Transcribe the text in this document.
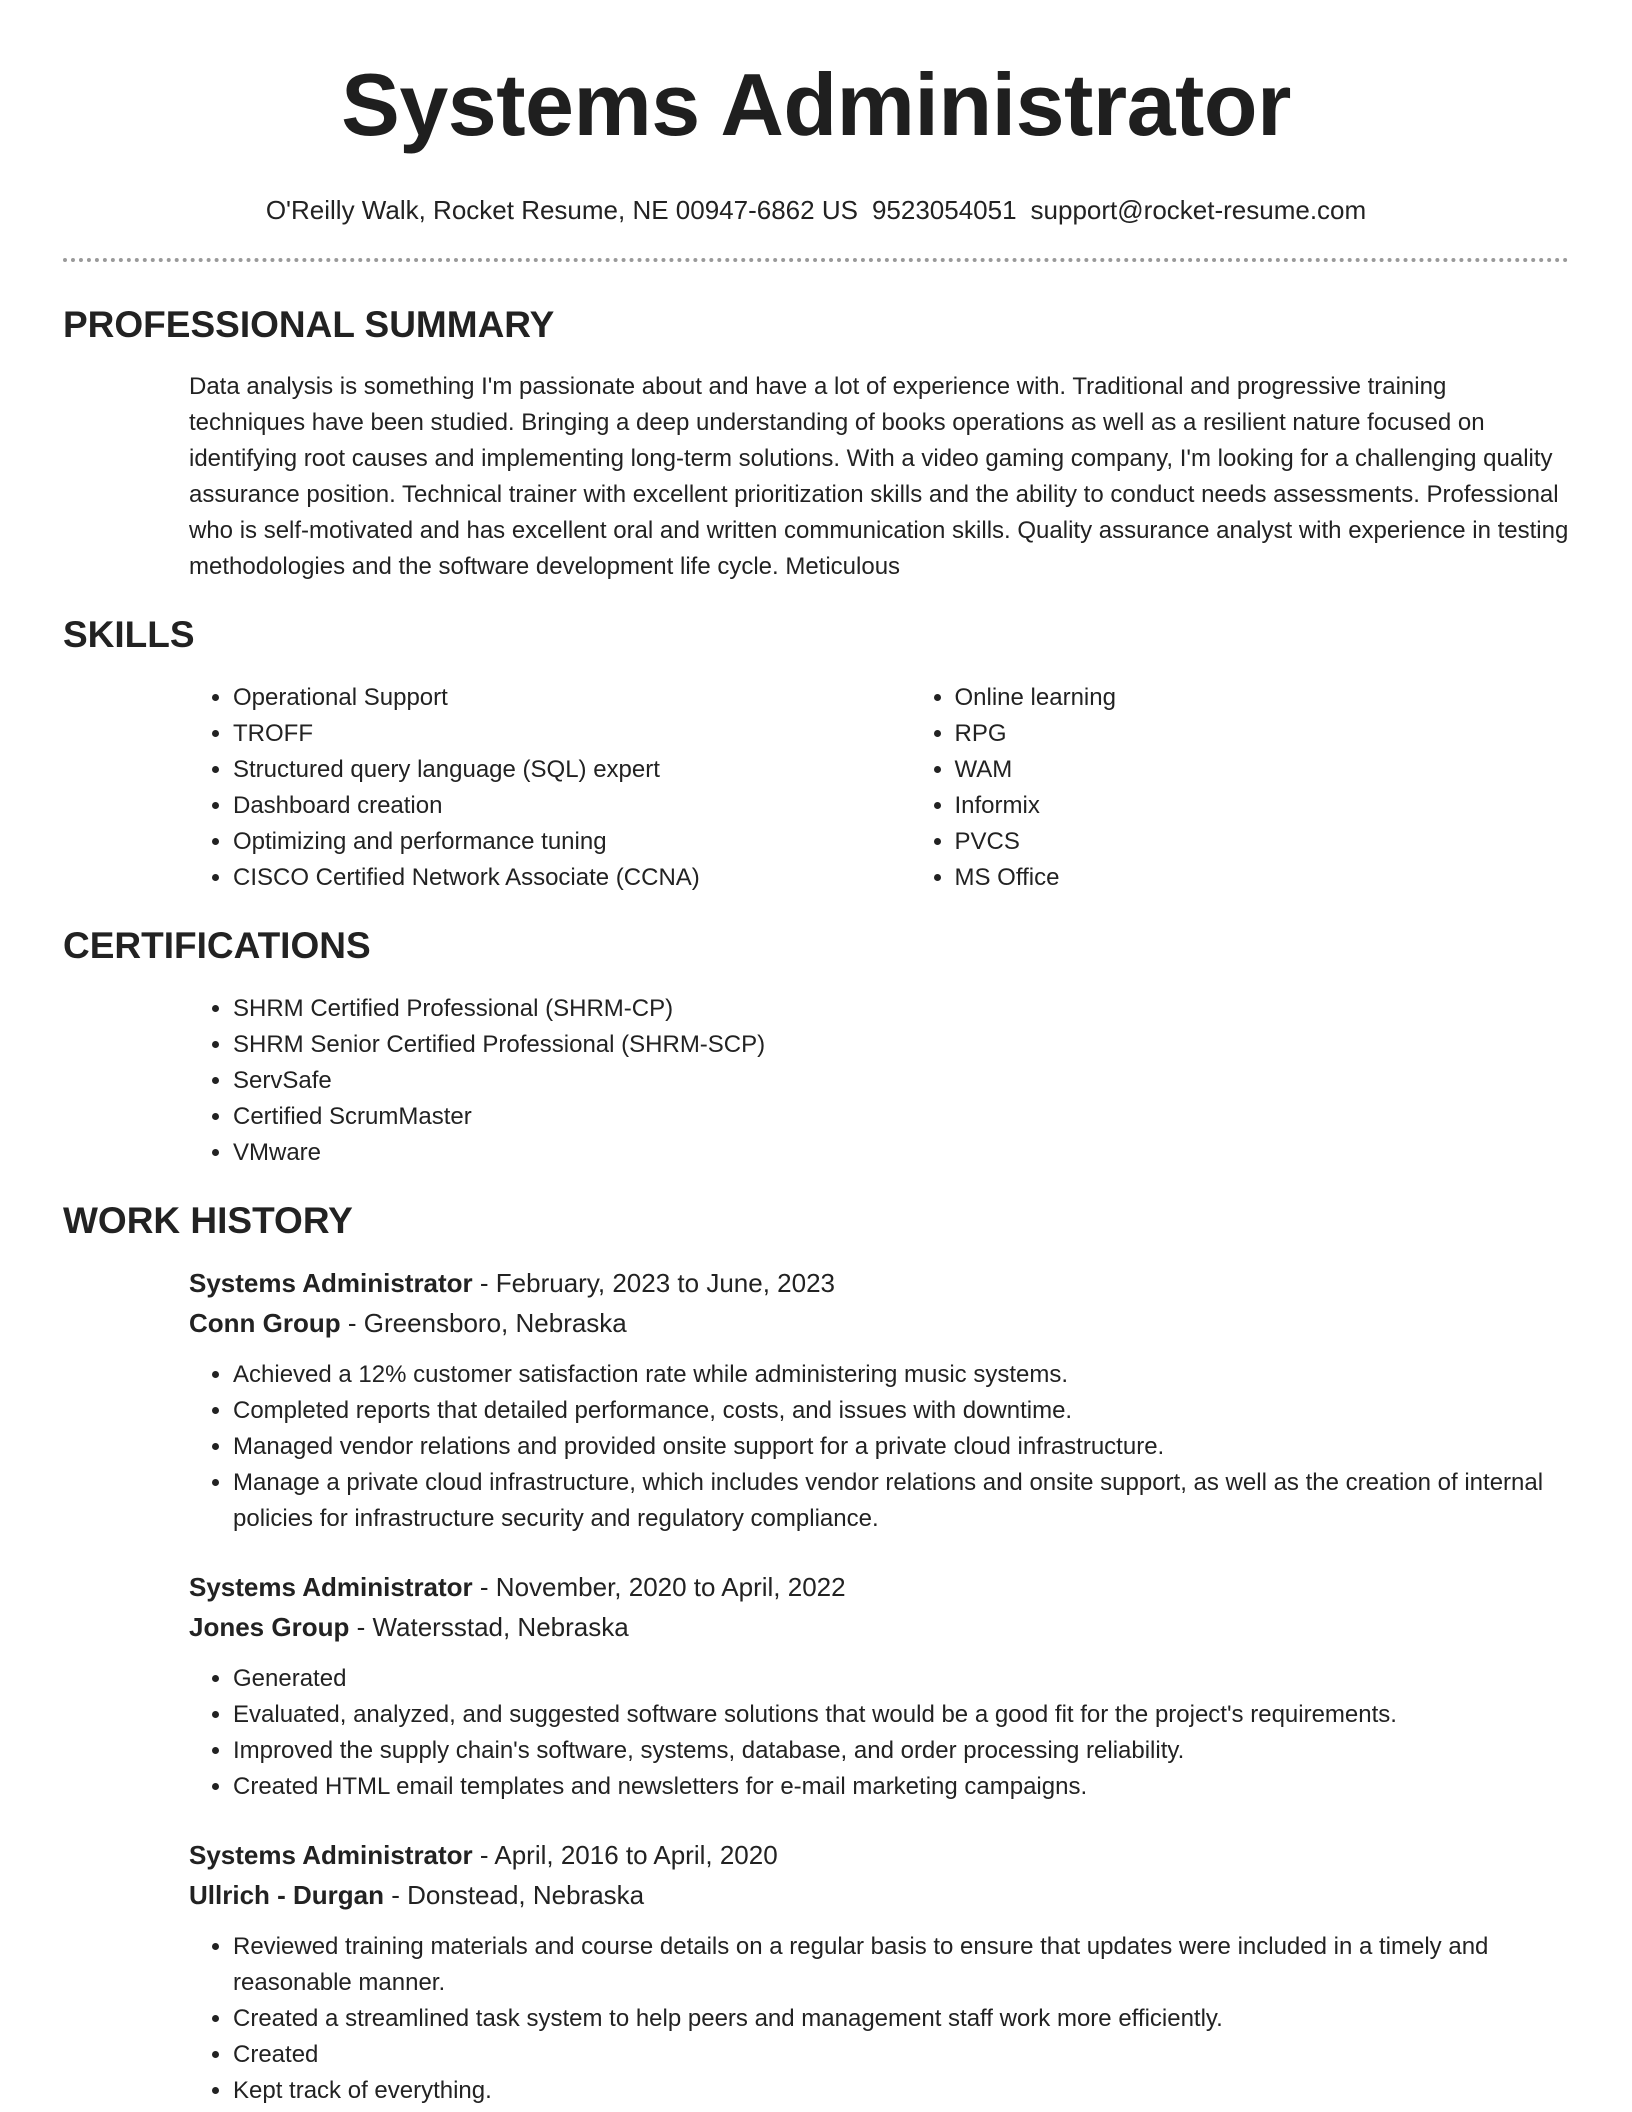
Systems Administrator
O'Reilly Walk, Rocket Resume, NE 00947-6862 US 9523054051 support@rocket-resume.com
PROFESSIONAL SUMMARY
Data analysis is something I'm passionate about and have a lot of experience with. Traditional and progressive training techniques have been studied. Bringing a deep understanding of books operations as well as a resilient nature focused on identifying root causes and implementing long-term solutions. With a video gaming company, I'm looking for a challenging quality assurance position. Technical trainer with excellent prioritization skills and the ability to conduct needs assessments. Professional who is self-motivated and has excellent oral and written communication skills. Quality assurance analyst with experience in testing methodologies and the software development life cycle. Meticulous
SKILLS
• Operational Support
• TROFF
• Structured query language (SQL) expert
• Dashboard creation
• Optimizing and performance tuning
• CISCO Certified Network Associate (CCNA)
• Online learning
• RPG
• WAM
• Informix
• PVCS
• MS Office
CERTIFICATIONS
• SHRM Certified Professional (SHRM-CP)
• SHRM Senior Certified Professional (SHRM-SCP)
• ServSafe
• Certified ScrumMaster
• VMware
WORK HISTORY
Systems Administrator - February, 2023 to June, 2023
Conn Group - Greensboro, Nebraska
• Achieved a 12% customer satisfaction rate while administering music systems.
• Completed reports that detailed performance, costs, and issues with downtime.
• Managed vendor relations and provided onsite support for a private cloud infrastructure.
• Manage a private cloud infrastructure, which includes vendor relations and onsite support, as well as the creation of internal policies for infrastructure security and regulatory compliance.
Systems Administrator - November, 2020 to April, 2022
Jones Group - Watersstad, Nebraska
• Generated
• Evaluated, analyzed, and suggested software solutions that would be a good fit for the project's requirements.
• Improved the supply chain's software, systems, database, and order processing reliability.
• Created HTML email templates and newsletters for e-mail marketing campaigns.
Systems Administrator - April, 2016 to April, 2020
Ullrich - Durgan - Donstead, Nebraska
• Reviewed training materials and course details on a regular basis to ensure that updates were included in a timely and reasonable manner.
• Created a streamlined task system to help peers and management staff work more efficiently.
• Created
• Kept track of everything.
